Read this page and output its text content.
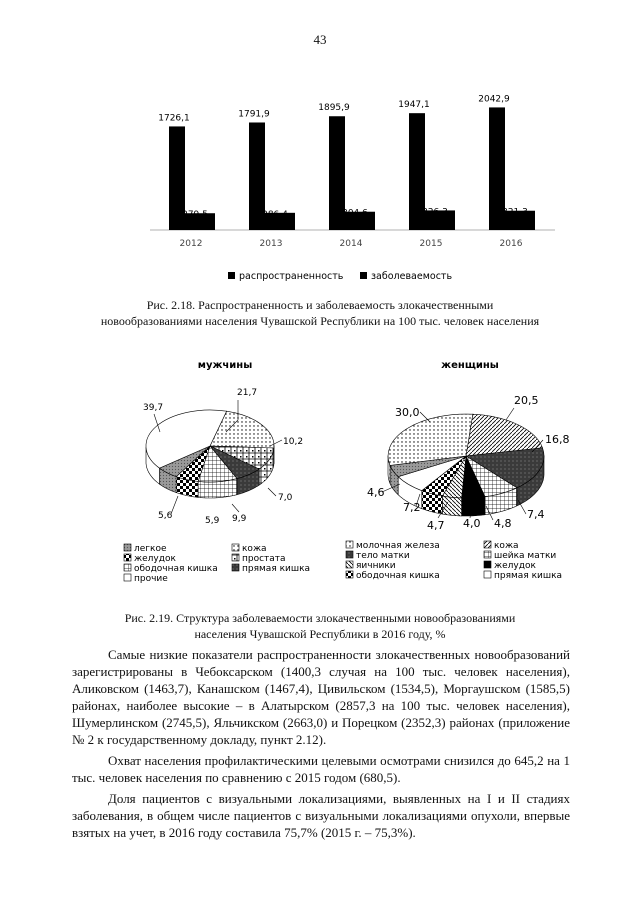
43
1726,1
279,5
2012
1791,9
286,4
2013
1895,9
304,6
2014
1947,1
326,3
2015
2042,9
321,3
2016
распространенность	заболеваемость
мужчины
21,7
10,2
7,0
9,9
5,9
5,6
39,7
женщины
20,5
16,8
7,4
4,8
4,0
4,7
7,2
4,6
30,0
легкое	кожа
желудок	простата
ободочная кишка	прямая кишка
прочие
молочная железа	кожа
тело матки	шейка матки
яичники	желудок
ободочная кишка	прямая кишка
Рис. 2.18. Распространенность и заболеваемость злокачественными
новообразованиями населения Чувашской Республики на 100 тыс. человек населения
Рис. 2.19. Структура заболеваемости злокачественными новообразованиями
населения Чувашской Республики в 2016 году, %

Самые низкие показатели распространенности злокачественных новообразований зарегистрированы в Чебоксарском (1400,3 случая на 100 тыс. человек населения), Аликовском (1463,7), Канашском (1467,4), Цивильском (1534,5), Моргаушском (1585,5) районах, наиболее высокие – в Алатырском (2857,3 на 100 тыс. человек населения), Шумерлинском (2745,5), Яльчикском (2663,0) и Порецком (2352,3) районах (приложение № 2 к государственному докладу, пункт 2.12).

Охват населения профилактическими целевыми осмотрами снизился до 645,2 на 1 тыс. человек населения по сравнению с 2015 годом (680,5).

Доля пациентов с визуальными локализациями, выявленных на I и II стадиях заболевания, в общем числе пациентов с визуальными локализациями опухоли, впервые взятых на учет, в 2016 году составила 75,7% (2015 г. – 75,3%).
